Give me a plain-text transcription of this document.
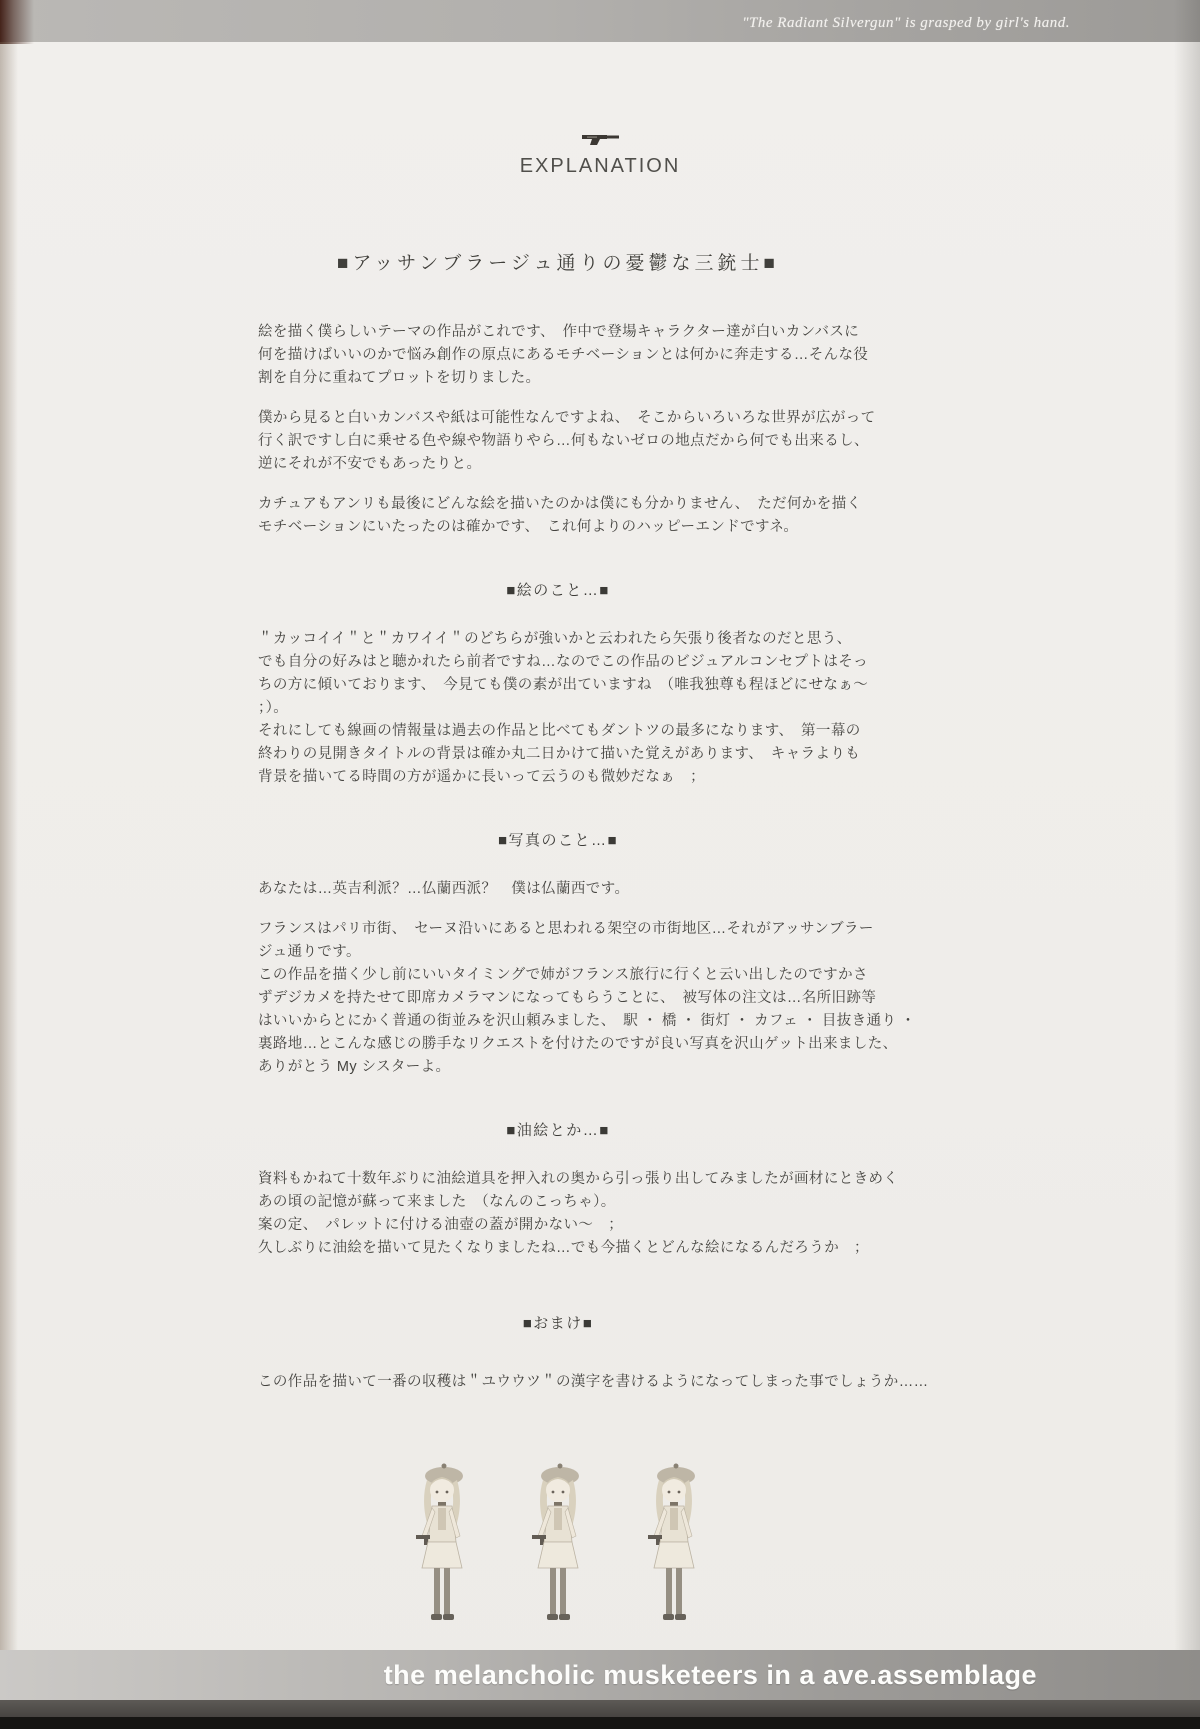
"The Radiant Silvergun" is grasped by girl's hand.
EXPLANATION
■アッサンブラージュ通りの憂鬱な三銃士■
絵を描く僕らしいテーマの作品がこれです、　作中で登場キャラクター達が白いカンバスに
何を描けばいいのかで悩み創作の原点にあるモチベーションとは何かに奔走する…そんな役
割を自分に重ねてプロットを切りました。
僕から見ると白いカンバスや紙は可能性なんですよね、　そこからいろいろな世界が広がって
行く訳ですし白に乗せる色や線や物語りやら…何もないゼロの地点だから何でも出来るし、
逆にそれが不安でもあったりと。
カチュアもアンリも最後にどんな絵を描いたのかは僕にも分かりません、　ただ何かを描く
モチベーションにいたったのは確かです、　これ何よりのハッピーエンドですネ。
■絵のこと…■
＂カッコイイ＂と＂カワイイ＂のどちらが強いかと云われたら矢張り後者なのだと思う、
でも自分の好みはと聴かれたら前者ですね…なのでこの作品のビジュアルコンセプトはそっ
ちの方に傾いております、　今見ても僕の素が出ていますね　（唯我独尊も程ほどにせなぁ～
；）。
それにしても線画の情報量は過去の作品と比べてもダントツの最多になります、　第一幕の
終わりの見開きタイトルの背景は確か丸二日かけて描いた覚えがあります、　キャラよりも
背景を描いてる時間の方が遥かに長いって云うのも微妙だなぁ　；
■写真のこと…■
あなたは…英吉利派？…仏蘭西派？　僕は仏蘭西です。
フランスはパリ市街、　セーヌ沿いにあると思われる架空の市街地区…それがアッサンブラー
ジュ通りです。
この作品を描く少し前にいいタイミングで姉がフランス旅行に行くと云い出したのですかさ
ずデジカメを持たせて即席カメラマンになってもらうことに、　被写体の注文は…名所旧跡等
はいいからとにかく普通の街並みを沢山頼みました、　駅 ・ 橋 ・ 街灯 ・ カフェ ・ 目抜き通り ・
裏路地…とこんな感じの勝手なリクエストを付けたのですが良い写真を沢山ゲット出来ました、
ありがとう My シスターよ。
■油絵とか…■
資料もかねて十数年ぶりに油絵道具を押入れの奥から引っ張り出してみましたが画材にときめく
あの頃の記憶が蘇って来ました　（なんのこっちゃ）。
案の定、　パレットに付ける油壺の蓋が開かない～　；
久しぶりに油絵を描いて見たくなりましたね…でも今描くとどんな絵になるんだろうか　；
■おまけ■
この作品を描いて一番の収穫は＂ユウウツ＂の漢字を書けるようになってしまった事でしょうか……

the melancholic musketeers in a ave.assemblage
